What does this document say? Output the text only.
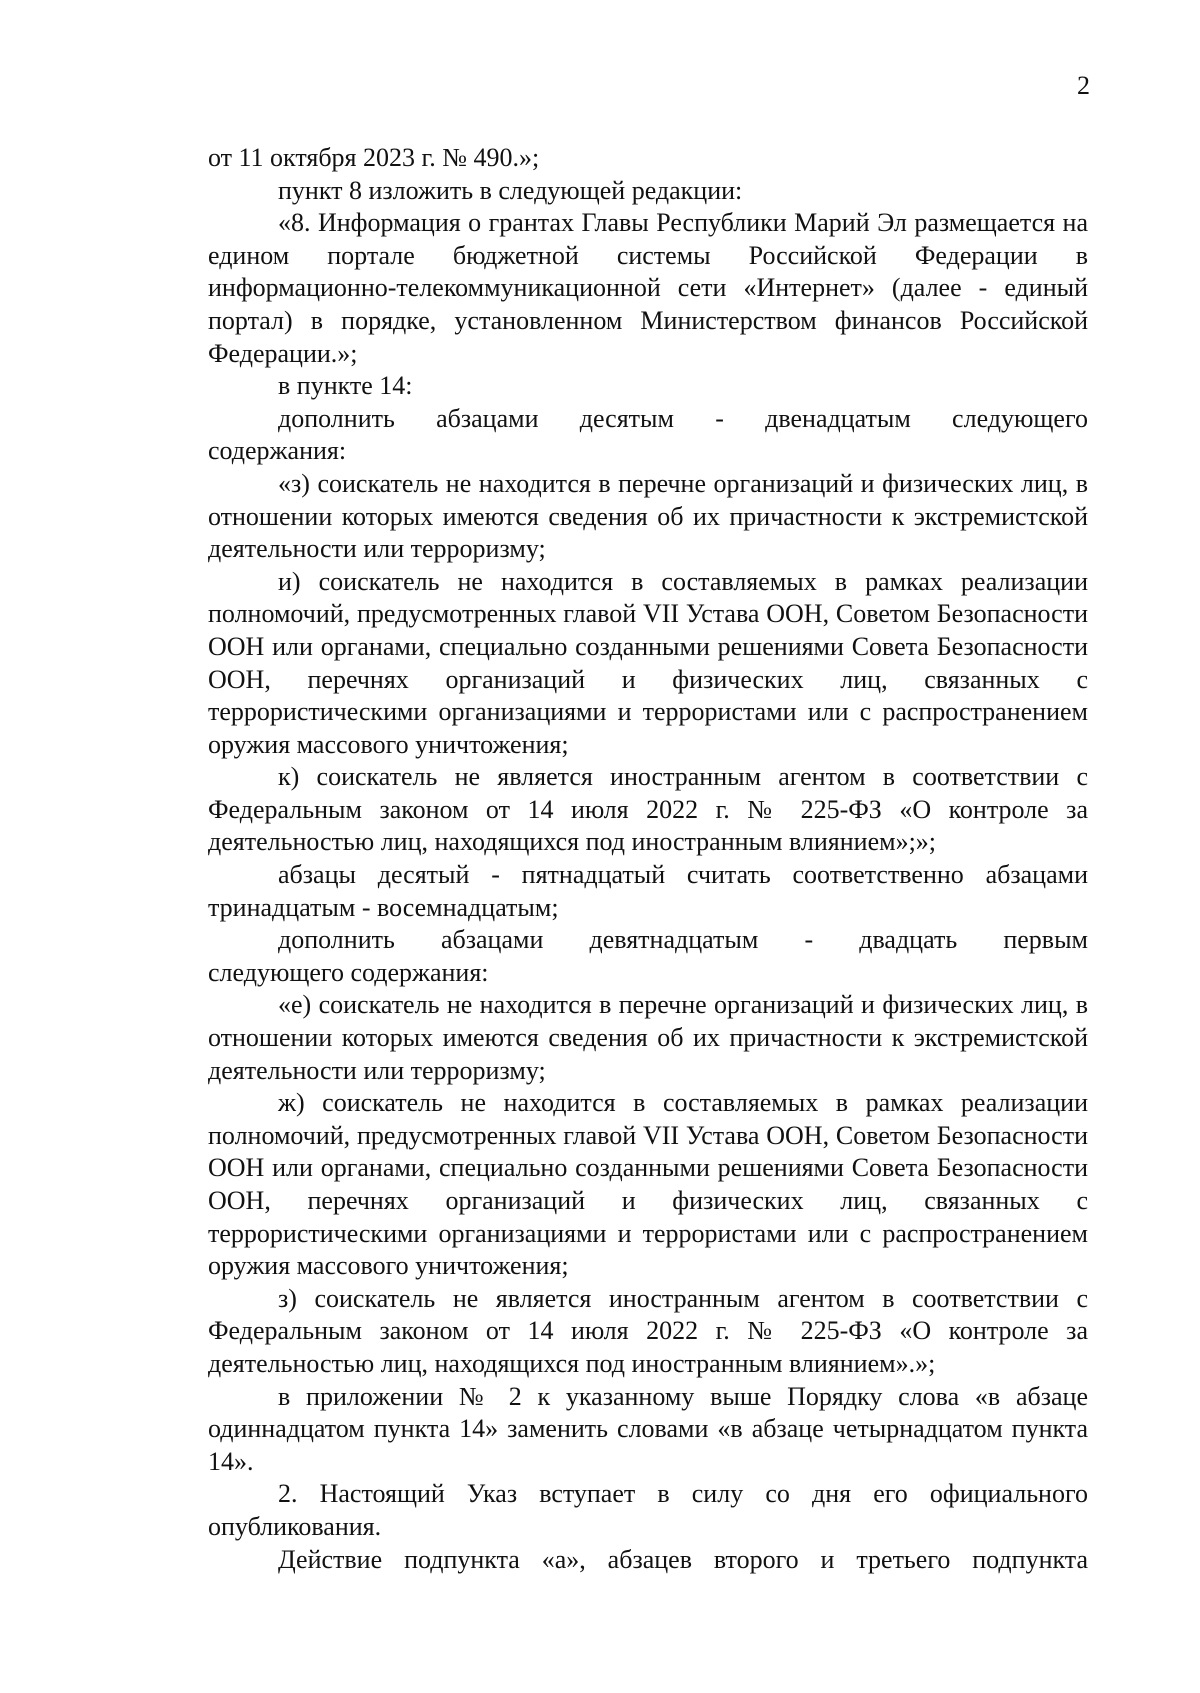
2

от 11 октября 2023 г. № 490.»;

пункт 8 изложить в следующей редакции:

«8. Информация о грантах Главы Республики Марий Эл размещается на едином портале бюджетной системы Российской Федерации в информационно-телекоммуникационной сети «Интернет» (далее - единый портал) в порядке, установленном Министерством финансов Российской Федерации.»;

в пункте 14:

дополнить абзацами десятым - двенадцатым следующего

содержания:

«з) соискатель не находится в перечне организаций и физических лиц, в отношении которых имеются сведения об их причастности к экстремистской деятельности или терроризму;

и) соискатель не находится в составляемых в рамках реализации полномочий, предусмотренных главой VII Устава ООН, Советом Безопасности ООН или органами, специально созданными решениями Совета Безопасности ООН, перечнях организаций и физических лиц, связанных с террористическими организациями и террористами или с распространением оружия массового уничтожения;

к) соискатель не является иностранным агентом в соответствии с Федеральным законом от 14 июля 2022 г. № 225-ФЗ «О контроле за деятельностью лиц, находящихся под иностранным влиянием»;»;

абзацы десятый - пятнадцатый считать соответственно абзацами тринадцатым - восемнадцатым;

дополнить абзацами девятнадцатым - двадцать первым

следующего содержания:

«е) соискатель не находится в перечне организаций и физических лиц, в отношении которых имеются сведения об их причастности к экстремистской деятельности или терроризму;

ж) соискатель не находится в составляемых в рамках реализации полномочий, предусмотренных главой VII Устава ООН, Советом Безопасности ООН или органами, специально созданными решениями Совета Безопасности ООН, перечнях организаций и физических лиц, связанных с террористическими организациями и террористами или с распространением оружия массового уничтожения;

з) соискатель не является иностранным агентом в соответствии с Федеральным законом от 14 июля 2022 г. № 225-ФЗ «О контроле за деятельностью лиц, находящихся под иностранным влиянием».»;

в приложении № 2 к указанному выше Порядку слова «в абзаце одиннадцатом пункта 14» заменить словами «в абзаце четырнадцатом пункта 14».

2. Настоящий Указ вступает в силу со дня его официального опубликования.

Действие подпункта «а», абзацев второго и третьего подпункта
